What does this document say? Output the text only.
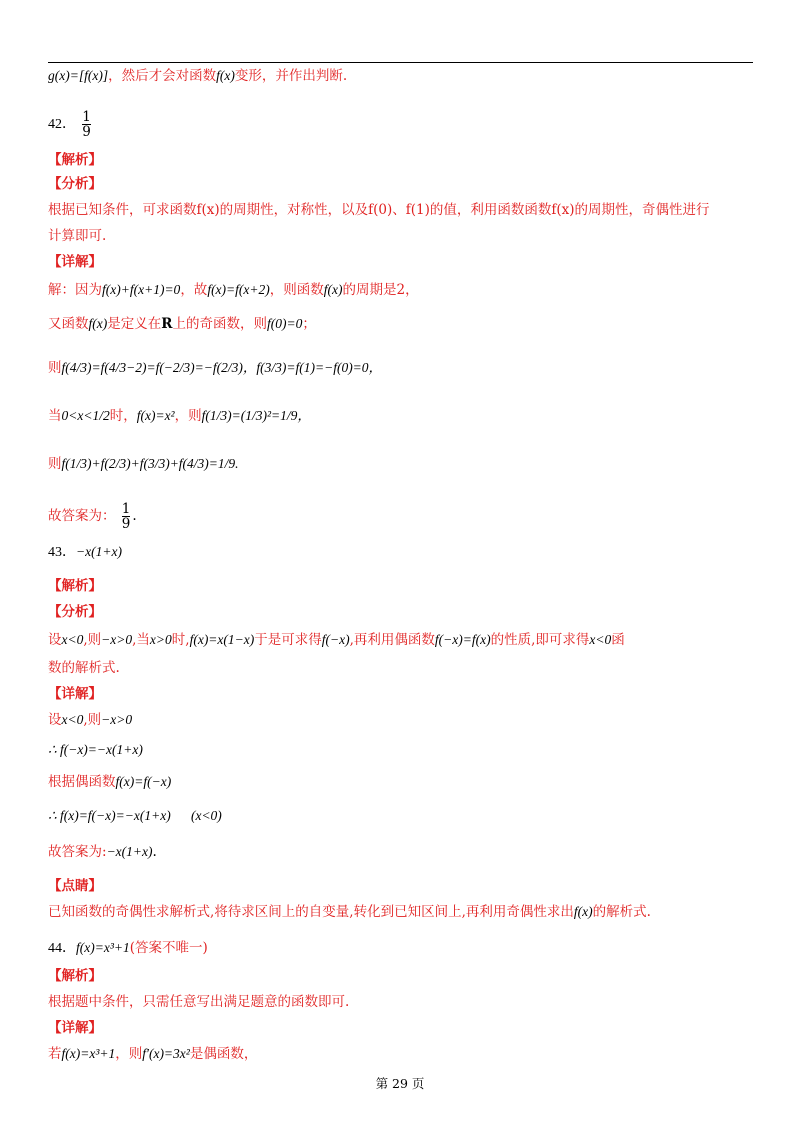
g(x)=[f(x)]，然后才会对函数f(x)变形，并作出判断.
42． $\frac{1}{9}$
【解析】
【分析】
根据已知条件，可求函数f(x)的周期性，对称性，以及f(0)、f(1)的值，利用函数函数f(x)的周期性，奇偶性进行
计算即可.
【详解】
解：因为f(x)+f(x+1)=0，故f(x)=f(x+2)，则函数f(x)的周期是2，
又函数f(x)是定义在R上的奇函数，则f(0)=0；
则f(4/3)=f(4/3−2)=f(−2/3)=−f(2/3)，f(3/3)=f(1)=−f(0)=0，
当0<x<1/2时，f(x)=x²，则f(1/3)=(1/3)²=1/9，
则f(1/3)+f(2/3)+f(3/3)+f(4/3)=1/9.
故答案为： $\frac{1}{9}$ .
43．−x(1+x)
【解析】
【分析】
设x<0,则−x>0,当x>0时,f(x)=x(1−x)于是可求得f(−x),再利用偶函数f(−x)=f(x)的性质,即可求得x<0函
数的解析式.
【详解】
设x<0,则−x>0
∴ f(−x)=−x(1+x)
根据偶函数f(x)=f(−x)
∴ f(x)=f(−x)=−x(1+x)      (x<0)
故答案为:−x(1+x).
【点睛】
已知函数的奇偶性求解析式,将待求区间上的自变量,转化到已知区间上,再利用奇偶性求出f(x)的解析式.
44．f(x)=x³+1(答案不唯一)
【解析】
根据题中条件，只需任意写出满足题意的函数即可.
【详解】
若f(x)=x³+1，则f′(x)=3x²是偶函数，
第 29 页
